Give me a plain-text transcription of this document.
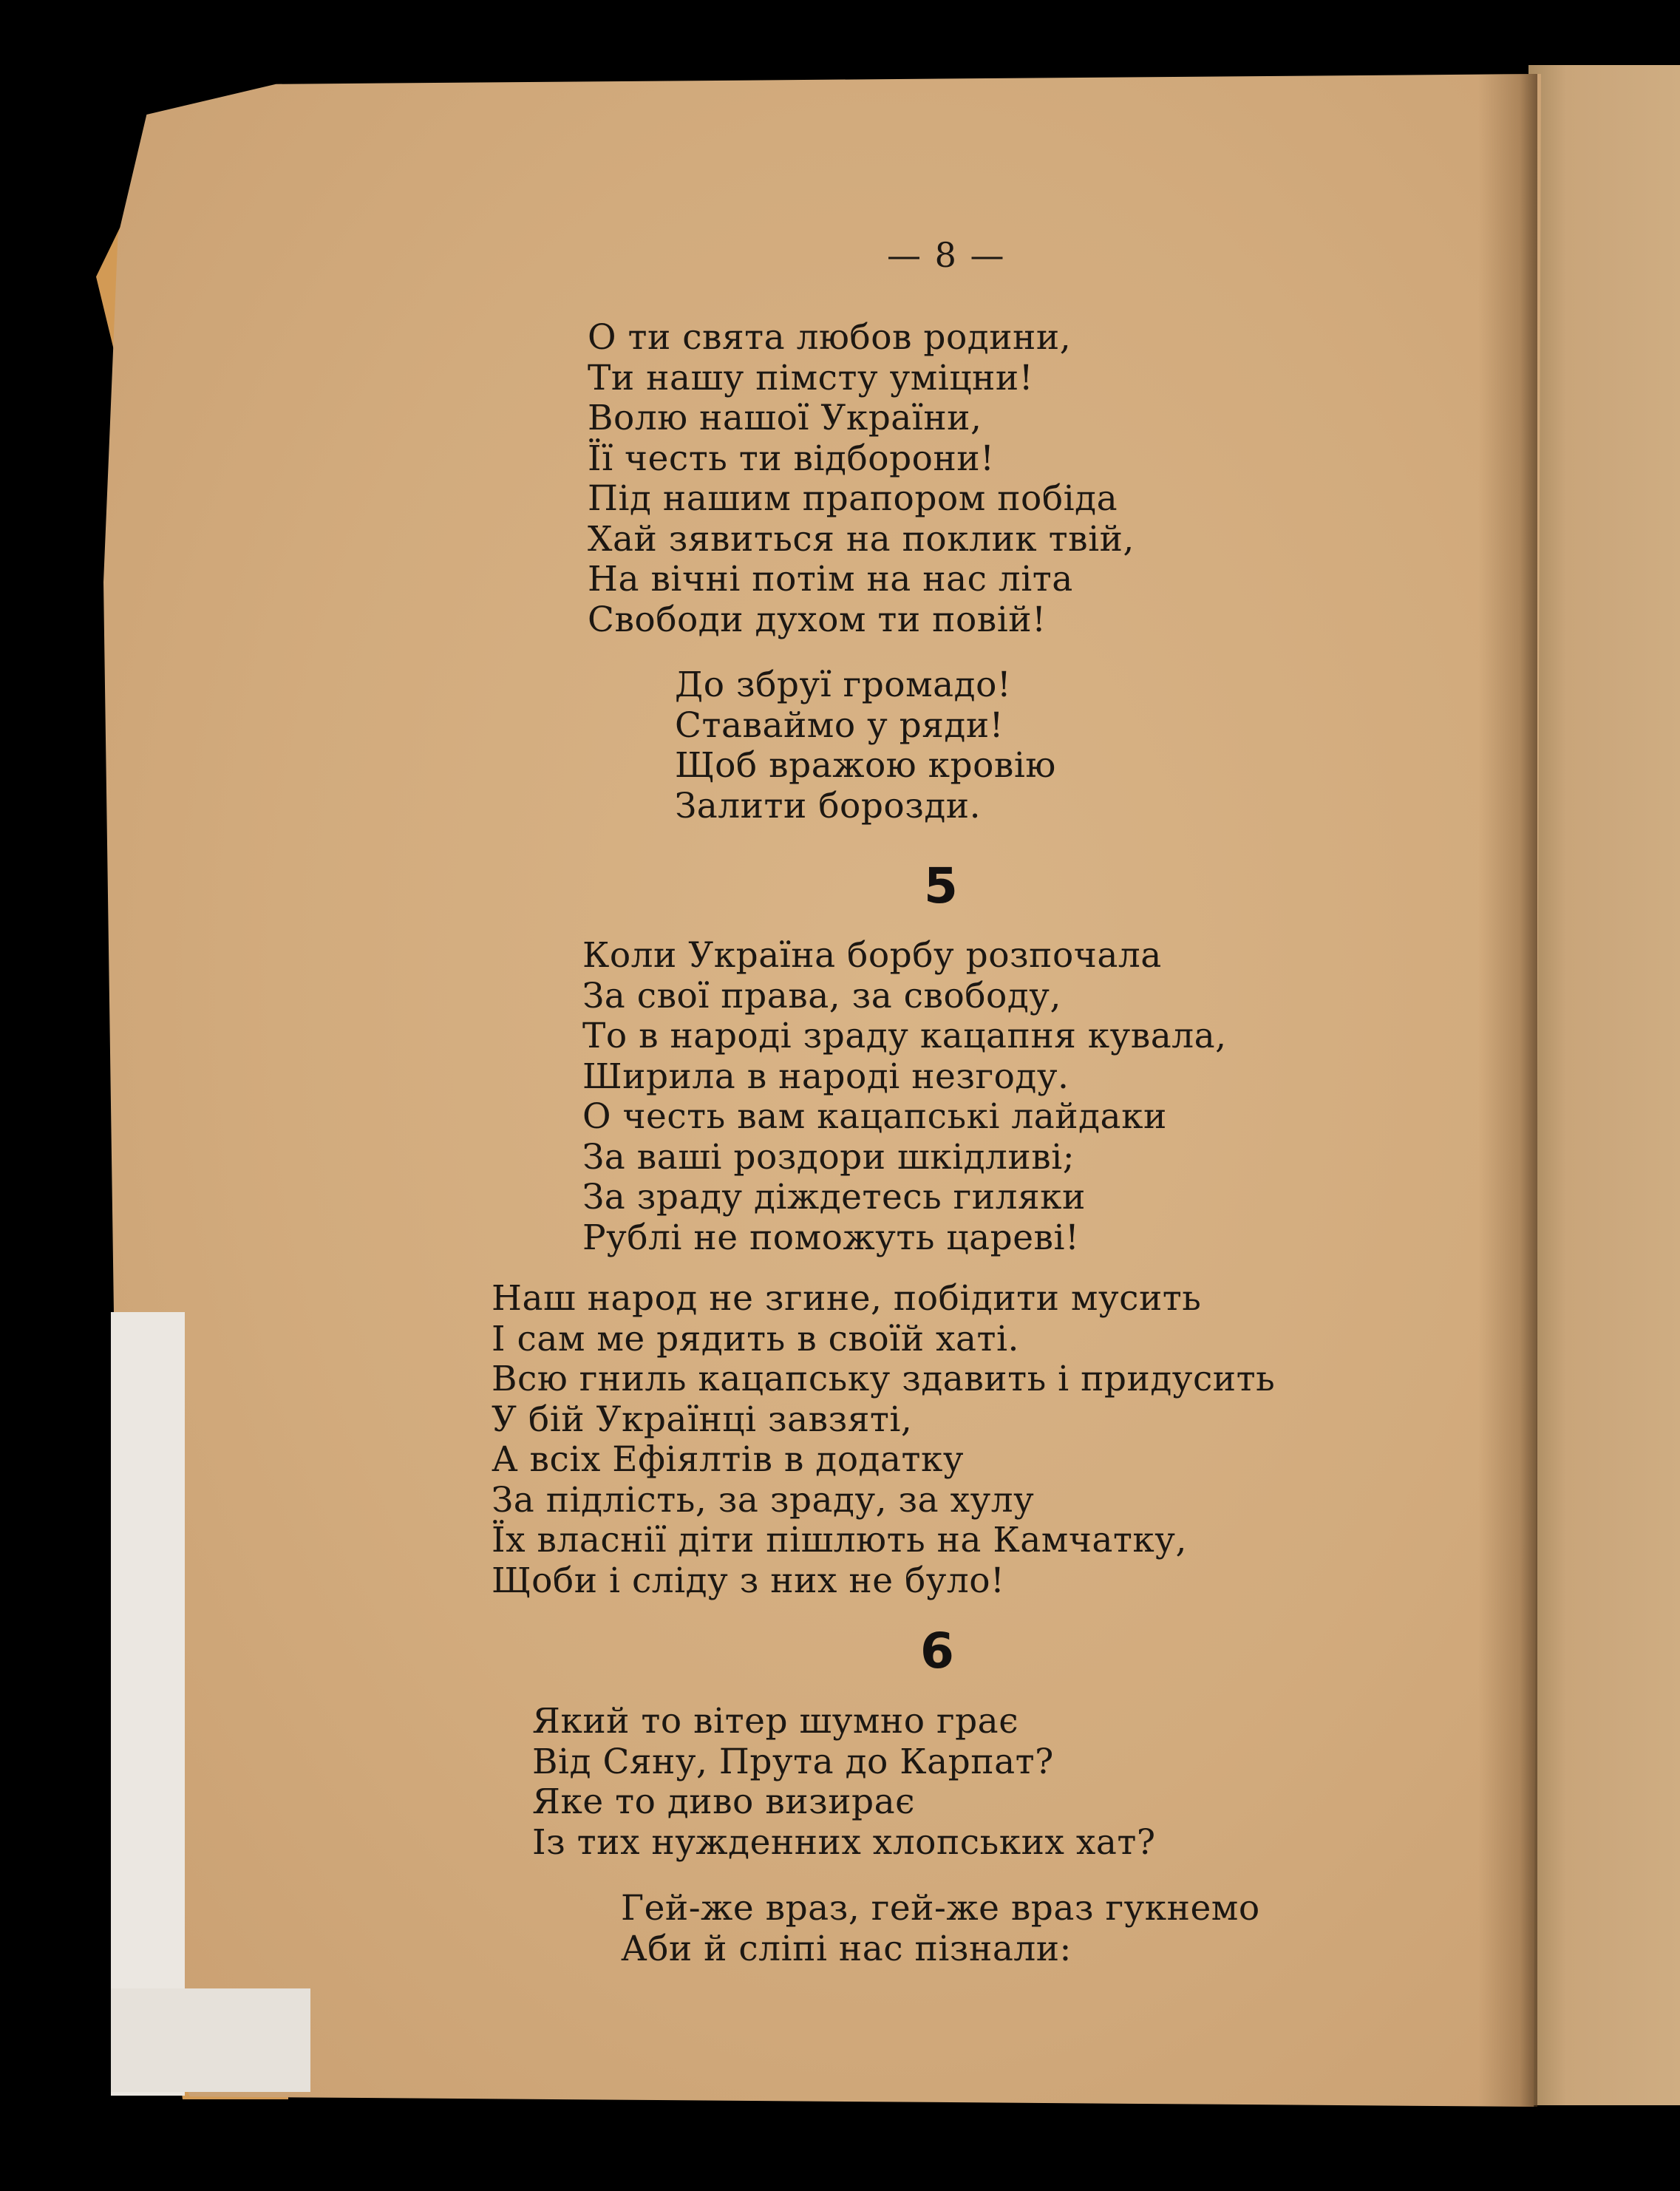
— 8 —

О ти свята любов родини,
Ти нашу пімсту уміцни!
Волю нашої України,
Її честь ти відборони!
Під нашим прапором побіда
Хай зявиться на поклик твій,
На вічні потім на нас літа
Свободи духом ти повій!
До збруї громадо!
Ставаймо у ряди!
Щоб вражою кровію
Залити борозди.

5

Коли Україна борбу розпочала
За свої права, за свободу,
То в народі зраду кацапня кувала,
Ширила в народі незгоду.
О честь вам кацапські лайдаки
За ваші роздори шкідливі;
За зраду діждетесь гиляки
Рублі не поможуть цареві!
Наш народ не згине, побідити мусить
І сам ме рядить в своїй хаті.
Всю гниль кацапську здавить і придусить
У бій Українці завзяті,
А всіх Ефіялтів в додатку
За підлість, за зраду, за хулу
Їх власнії діти пішлють на Камчатку,
Щоби і сліду з них не було!

6

Який то вітер шумно грає
Від Сяну, Прута до Карпат?
Яке то диво визирає
Із тих нужденних хлопських хат?
Гей-же враз, гей-же враз гукнемо
Аби й сліпі нас пізнали:
